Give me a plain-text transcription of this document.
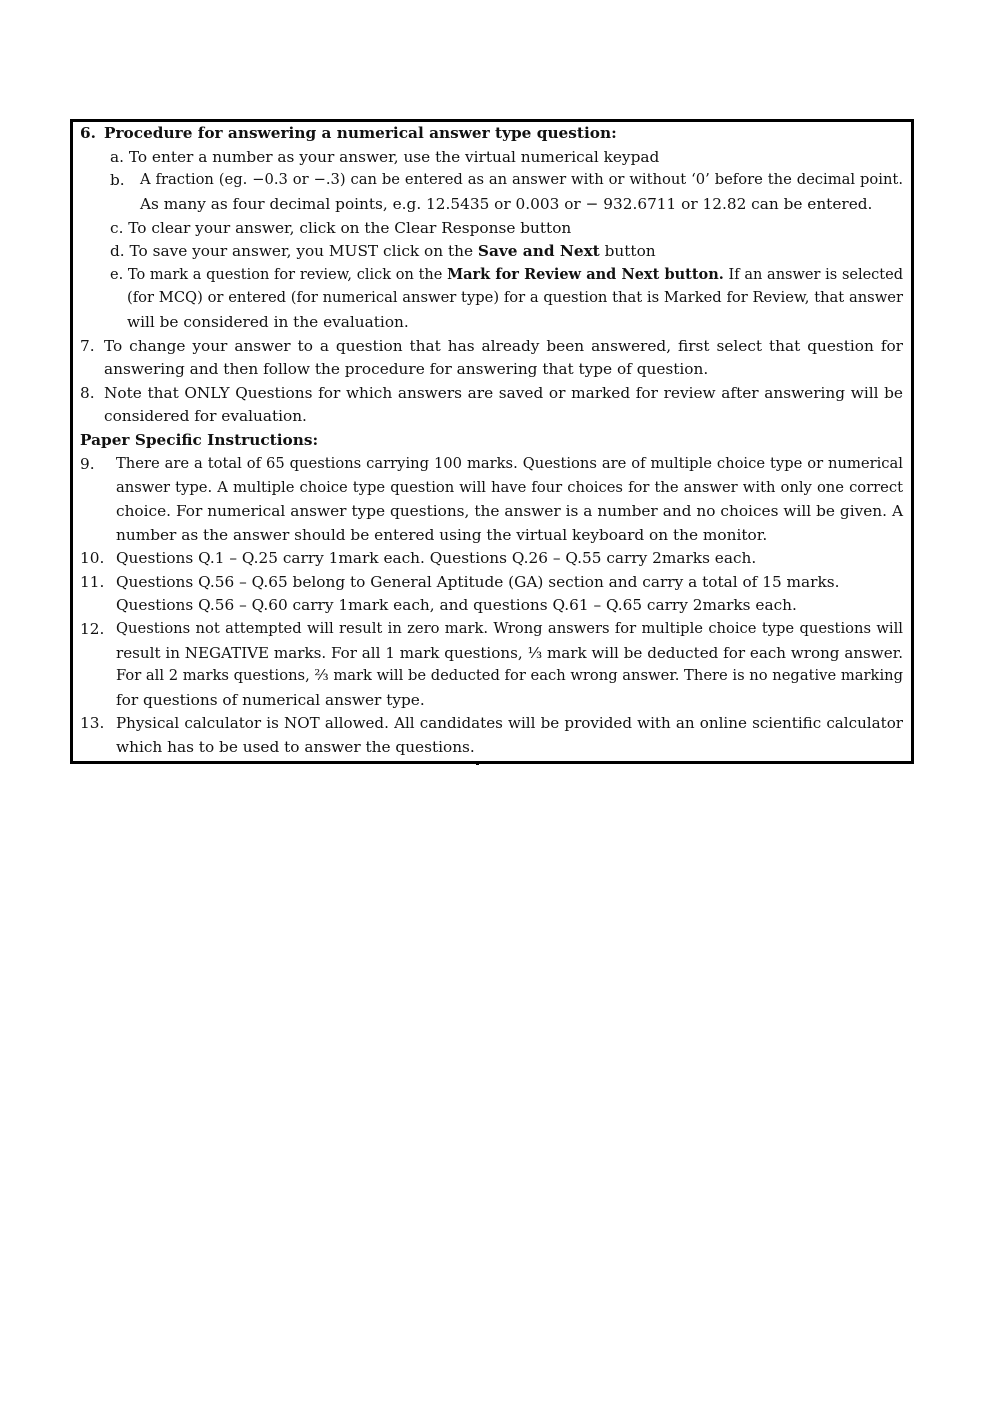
6. Procedure for answering a numerical answer type question:
a. To enter a number as your answer, use the virtual numerical keypad
b. A fraction (eg. −0.3 or −.3) can be entered as an answer with or without ‘0’ before the decimal point.
As many as four decimal points, e.g. 12.5435 or 0.003 or − 932.6711 or 12.82 can be entered.
c. To clear your answer, click on the Clear Response button
d. To save your answer, you MUST click on the Save and Next button
e. To mark a question for review, click on the Mark for Review and Next button. If an answer is selected
(for MCQ) or entered (for numerical answer type) for a question that is Marked for Review, that answer
will be considered in the evaluation.
7. To change your answer to a question that has already been answered, first select that question for
answering and then follow the procedure for answering that type of question.
8. Note that ONLY Questions for which answers are saved or marked for review after answering will be
considered for evaluation.
Paper Specific Instructions:
9. There are a total of 65 questions carrying 100 marks. Questions are of multiple choice type or numerical
answer type. A multiple choice type question will have four choices for the answer with only one correct
choice. For numerical answer type questions, the answer is a number and no choices will be given. A
number as the answer should be entered using the virtual keyboard on the monitor.
10. Questions Q.1 – Q.25 carry 1mark each. Questions Q.26 – Q.55 carry 2marks each.
11. Questions Q.56 – Q.65 belong to General Aptitude (GA) section and carry a total of 15 marks.
Questions Q.56 – Q.60 carry 1mark each, and questions Q.61 – Q.65 carry 2marks each.
12. Questions not attempted will result in zero mark. Wrong answers for multiple choice type questions will
result in NEGATIVE marks. For all 1 mark questions, ⅓ mark will be deducted for each wrong answer.
For all 2 marks questions, ⅔ mark will be deducted for each wrong answer. There is no negative marking
for questions of numerical answer type.
13. Physical calculator is NOT allowed. All candidates will be provided with an online scientific calculator
which has to be used to answer the questions.
